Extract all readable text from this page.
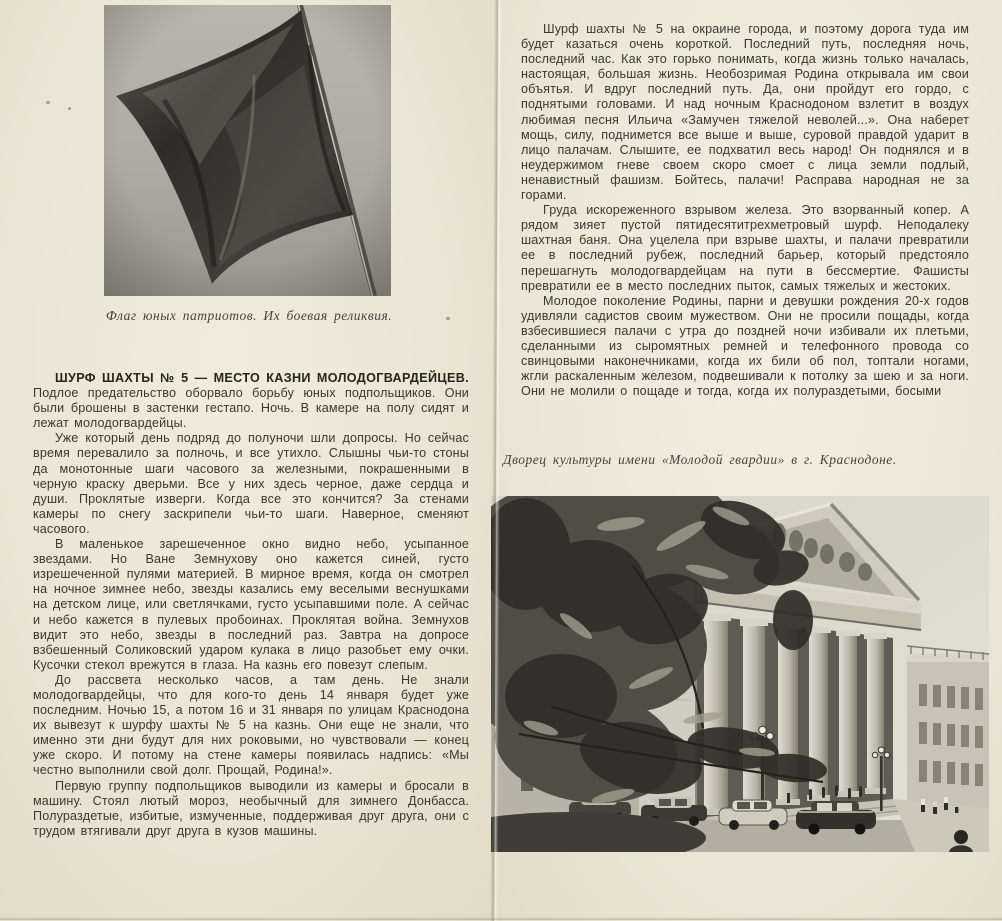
Флаг юных патриотов. Их боевая реликвия.

ШУРФ ШАХТЫ № 5 — МЕСТО КАЗНИ МОЛОДОГВАРДЕЙЦЕВ. Подлое предательство оборвало борьбу юных подпольщиков. Они были брошены в застенки гестапо. Ночь. В камере на полу сидят и лежат молодогвардейцы.

Уже который день подряд до полуночи шли допросы. Но сейчас время перевалило за полночь, и все утихло. Слышны чьи-то стоны да монотонные шаги часового за железными, покрашенными в черную краску дверьми. Все у них здесь черное, даже сердца и души. Проклятые изверги. Когда все это кончится? За стенами камеры по снегу заскрипели чьи-то шаги. Наверное, сменяют часового.

В маленькое зарешеченное окно видно небо, усыпанное звездами. Но Ване Земнухову оно кажется синей, густо изрешеченной пулями материей. В мирное время, когда он смотрел на ночное зимнее небо, звезды казались ему веселыми веснушками на детском лице, или светлячками, густо усыпавшими поле. А сейчас и небо кажется в пулевых пробоинах. Проклятая война. Земнухов видит это небо, звезды в последний раз. Завтра на допросе взбешенный Соликовский ударом кулака в лицо разобьет ему очки. Кусочки стекол врежутся в глаза. На казнь его повезут слепым.

До рассвета несколько часов, а там день. Не знали молодогвардейцы, что для кого-то день 14 января будет уже последним. Ночью 15, а потом 16 и 31 января по улицам Краснодона их вывезут к шурфу шахты № 5 на казнь. Они еще не знали, что именно эти дни будут для них роковыми, но чувствовали — конец уже скоро. И потому на стене камеры появилась надпись: «Мы честно выполнили свой долг. Прощай, Родина!».

Первую группу подпольщиков выводили из камеры и бросали в машину. Стоял лютый мороз, необычный для зимнего Донбасса. Полураздетые, избитые, измученные, поддерживая друг друга, они с трудом втягивали друг друга в кузов машины.

Шурф шахты № 5 на окраине города, и поэтому дорога туда им будет казаться очень короткой. Последний путь, последняя ночь, последний час. Как это горько понимать, когда жизнь только началась, настоящая, большая жизнь. Необозримая Родина открывала им свои объятья. И вдруг последний путь. Да, они пройдут его гордо, с поднятыми головами. И над ночным Краснодоном взлетит в воздух любимая песня Ильича «Замучен тяжелой неволей...». Она наберет мощь, силу, поднимется все выше и выше, суровой правдой ударит в лицо палачам. Слышите, ее подхватил весь народ! Он поднялся и в неудержимом гневе своем скоро смоет с лица земли подлый, ненавистный фашизм. Бойтесь, палачи! Расправа народная не за горами.

Груда искореженного взрывом железа. Это взорванный копер. А рядом зияет пустой пятидесятитрехметровый шурф. Неподалеку шахтная баня. Она уцелела при взрыве шахты, и палачи превратили ее в последний рубеж, последний барьер, который предстояло перешагнуть молодогвардейцам на пути в бессмертие. Фашисты превратили ее в место последних пыток, самых тяжелых и жестоких.

Молодое поколение Родины, парни и девушки рождения 20-х годов удивляли садистов своим мужеством. Они не просили пощады, когда взбесившиеся палачи с утра до поздней ночи избивали их плетьми, сделанными из сыромятных ремней и телефонного провода со свинцовыми наконечниками, когда их били об пол, топтали ногами, жгли раскаленным железом, подвешивали к потолку за шею и за ноги. Они не молили о пощаде и тогда, когда их полураздетыми, босыми

Дворец культуры имени «Молодой гвардии» в г. Краснодоне.
